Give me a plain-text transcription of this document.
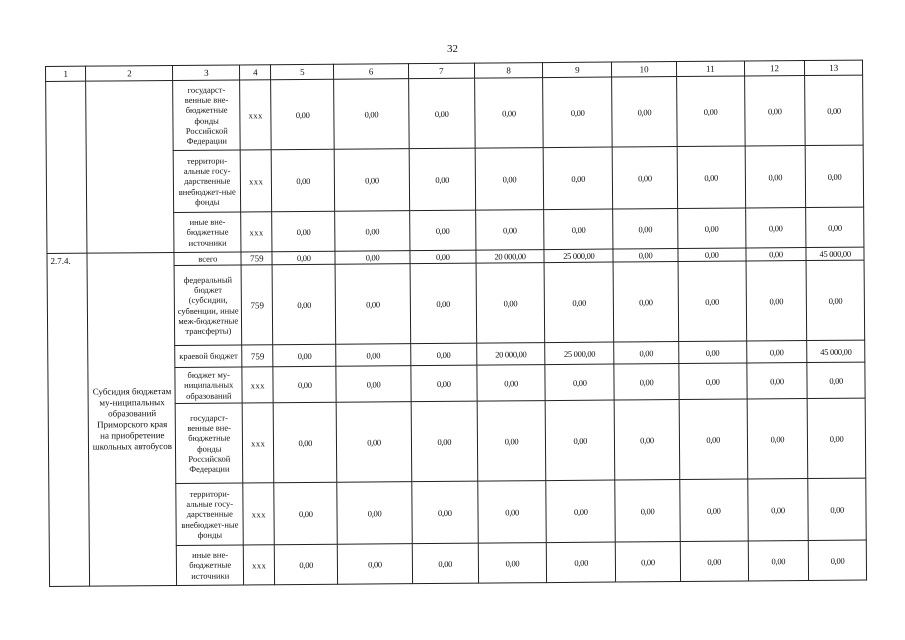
32
1	2	3	4	5	6	7	8	9	10	11	12	13
		государст-венные вне-бюджетные фонды Российской Федерации	ххх	0,00	0,00	0,00	0,00	0,00	0,00	0,00	0,00	0,00
		территори-альные госу-дарственные внебюджет-ные фонды	ххх	0,00	0,00	0,00	0,00	0,00	0,00	0,00	0,00	0,00
		иные вне-бюджетные источники	ххх	0,00	0,00	0,00	0,00	0,00	0,00	0,00	0,00	0,00
2.7.4.	Субсидия бюджетам му-ниципальных образований Приморского края на приобретение школьных автобусов	всего	759	0,00	0,00	0,00	20 000,00	25 000,00	0,00	0,00	0,00	45 000,00
		федеральный бюджет (субсидии, субвенции, иные меж-бюджетные трансферты)	759	0,00	0,00	0,00	0,00	0,00	0,00	0,00	0,00	0,00
		краевой бюджет	759	0,00	0,00	0,00	20 000,00	25 000,00	0,00	0,00	0,00	45 000,00
		бюджет му-ниципальных образований	ххх	0,00	0,00	0,00	0,00	0,00	0,00	0,00	0,00	0,00
		государст-венные вне-бюджетные фонды Российской Федерации	ххх	0,00	0,00	0,00	0,00	0,00	0,00	0,00	0,00	0,00
		территори-альные госу-дарственные внебюджет-ные фонды	ххх	0,00	0,00	0,00	0,00	0,00	0,00	0,00	0,00	0,00
		иные вне-бюджетные источники	ххх	0,00	0,00	0,00	0,00	0,00	0,00	0,00	0,00	0,00
